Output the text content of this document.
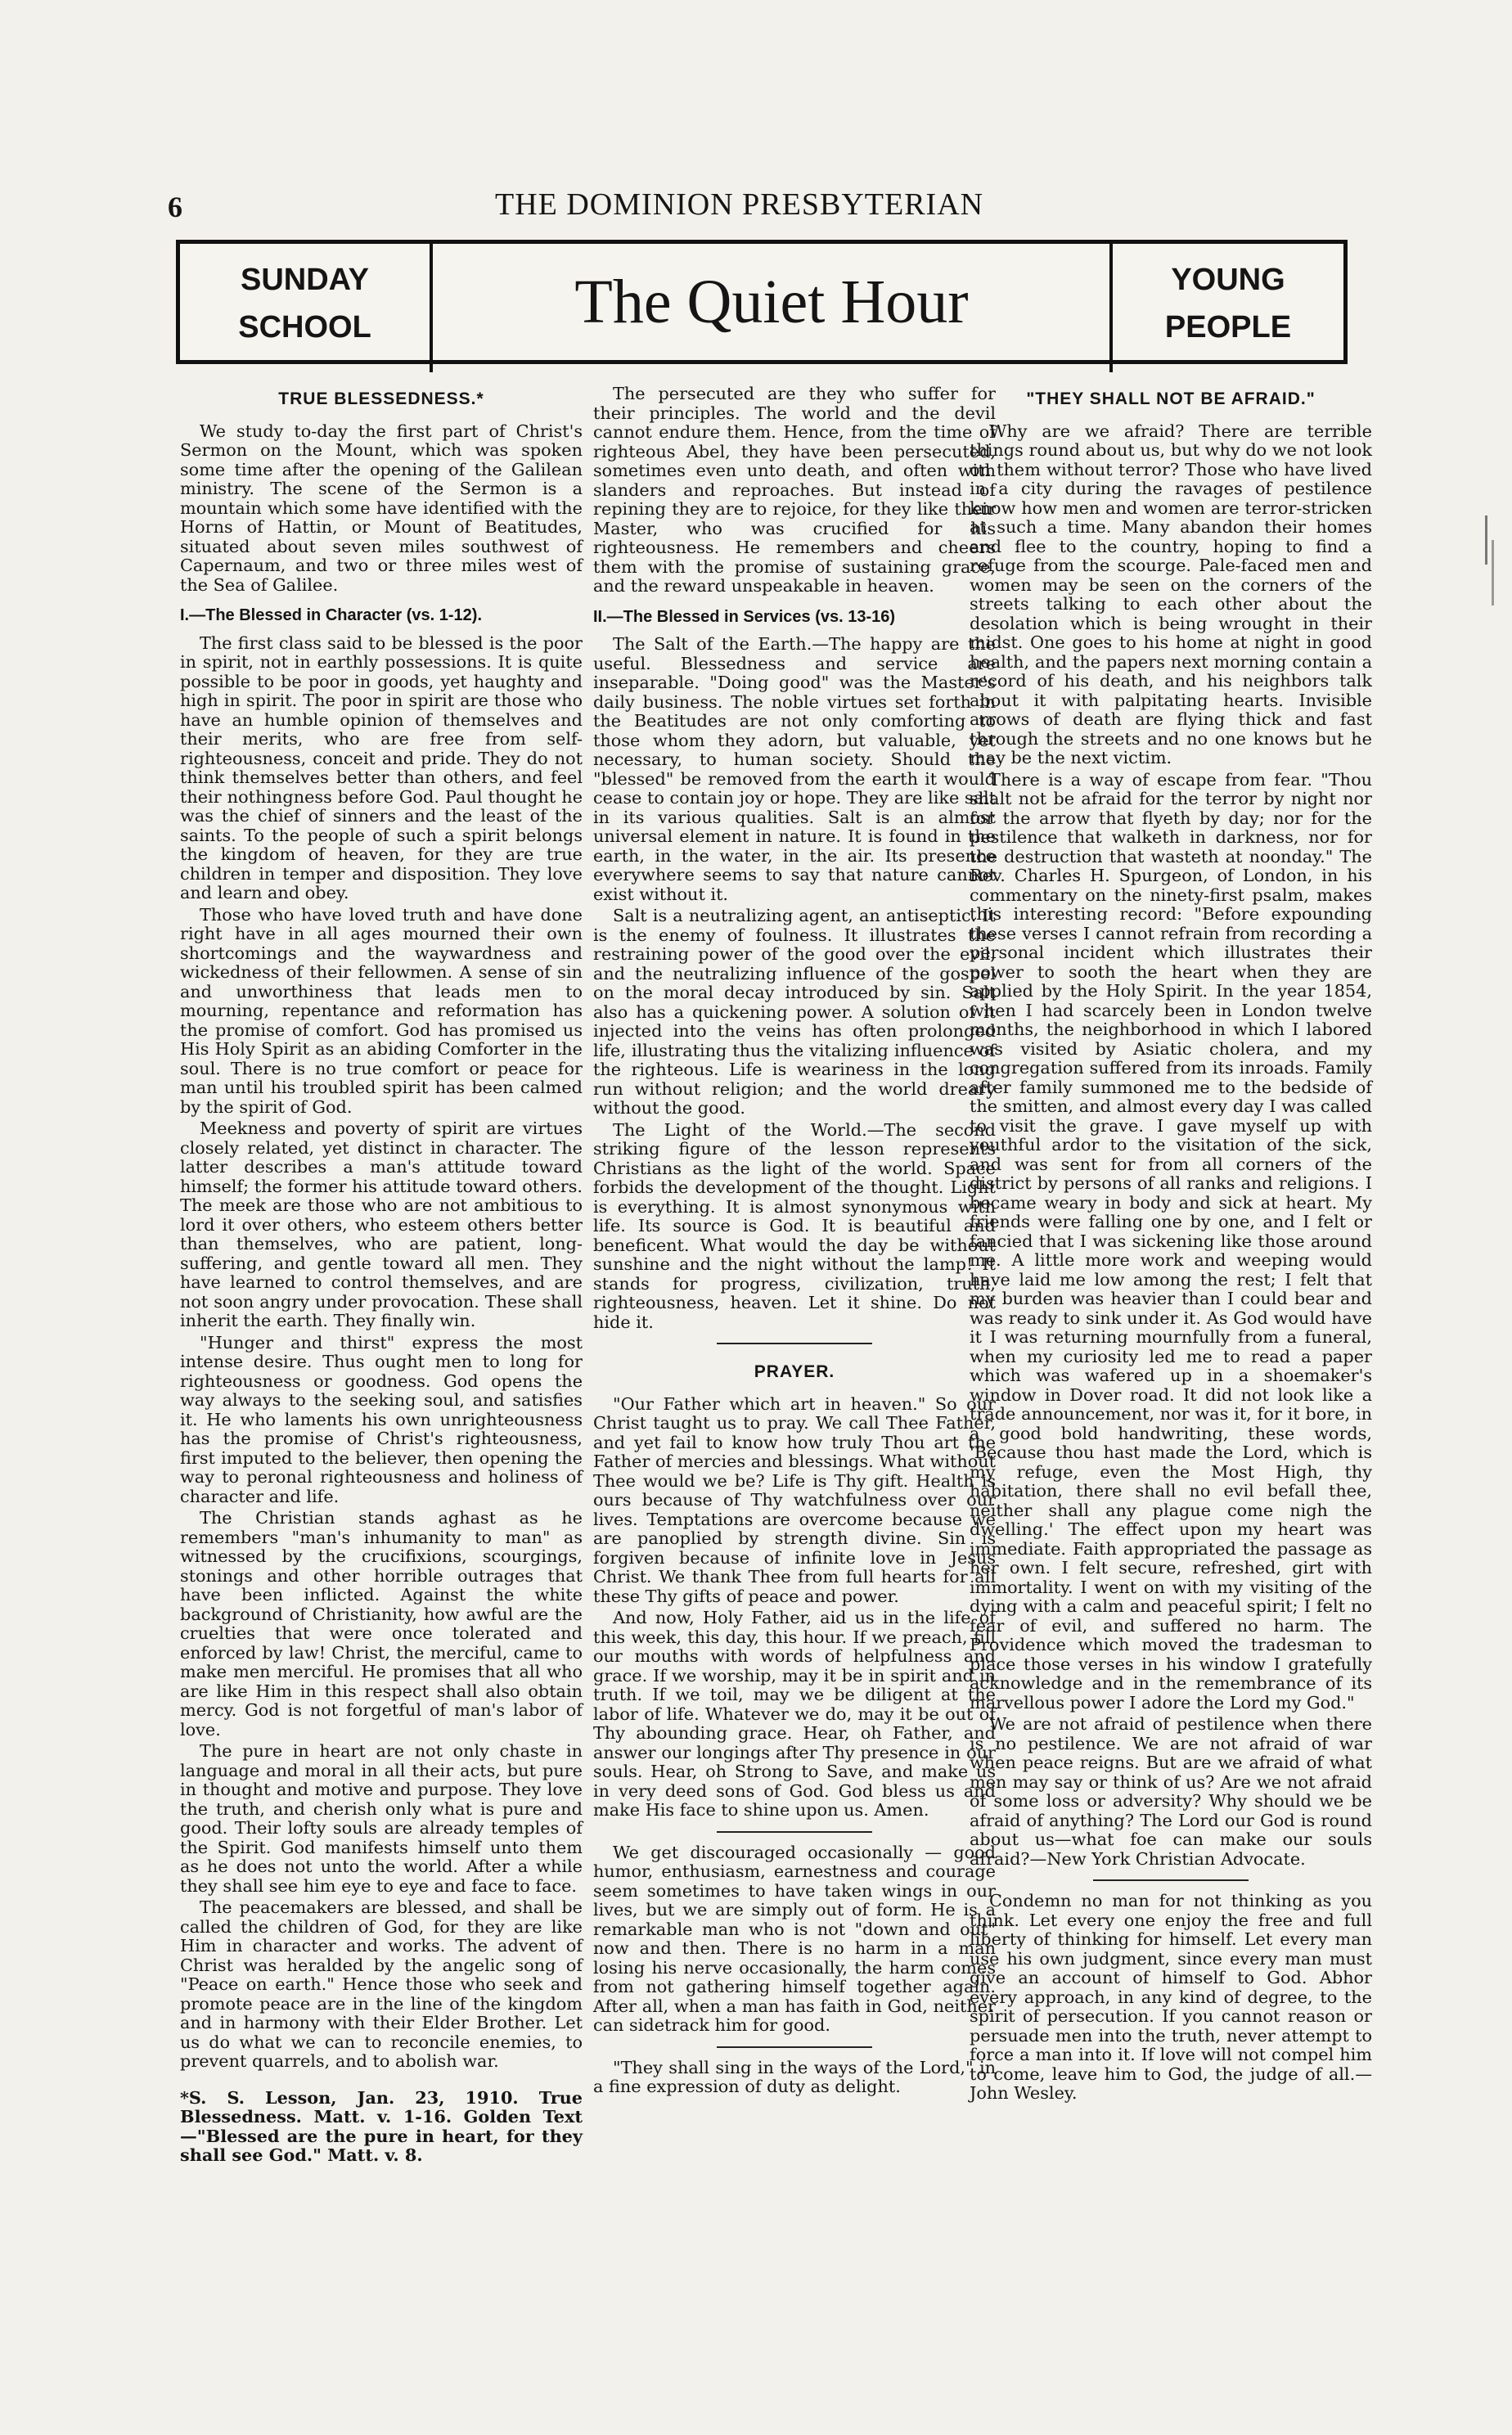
6	THE DOMINION PRESBYTERIAN
SUNDAY
SCHOOL	The Quiet Hour	YOUNG
PEOPLE
TRUE BLESSEDNESS.*

We study to-day the first part of Christ's Sermon on the Mount, which was spoken some time after the opening of the Galilean ministry. The scene of the Sermon is a mountain which some have identified with the Horns of Hattin, or Mount of Beatitudes, situated about seven miles southwest of Capernaum, and two or three miles west of the Sea of Galilee.

I.—The Blessed in Character (vs. 1-12).

The first class said to be blessed is the poor in spirit, not in earthly possessions. It is quite possible to be poor in goods, yet haughty and high in spirit. The poor in spirit are those who have an humble opinion of themselves and their merits, who are free from self-righteousness, conceit and pride. They do not think themselves better than others, and feel their nothingness before God. Paul thought he was the chief of sinners and the least of the saints. To the people of such a spirit belongs the kingdom of heaven, for they are true children in temper and disposition. They love and learn and obey.

Those who have loved truth and have done right have in all ages mourned their own shortcomings and the waywardness and wickedness of their fellowmen. A sense of sin and unworthiness that leads men to mourning, repentance and reformation has the promise of comfort. God has promised us His Holy Spirit as an abiding Comforter in the soul. There is no true comfort or peace for man until his troubled spirit has been calmed by the spirit of God.

Meekness and poverty of spirit are virtues closely related, yet distinct in character. The latter describes a man's attitude toward himself; the former his attitude toward others. The meek are those who are not ambitious to lord it over others, who esteem others better than themselves, who are patient, long-suffering, and gentle toward all men. They have learned to control themselves, and are not soon angry under provocation. These shall inherit the earth. They finally win.

"Hunger and thirst" express the most intense desire. Thus ought men to long for righteousness or goodness. God opens the way always to the seeking soul, and satisfies it. He who laments his own unrighteousness has the promise of Christ's righteousness, first imputed to the believer, then opening the way to peronal righteousness and holiness of character and life.

The Christian stands aghast as he remembers "man's inhumanity to man" as witnessed by the crucifixions, scourgings, stonings and other horrible outrages that have been inflicted. Against the white background of Christianity, how awful are the cruelties that were once tolerated and enforced by law! Christ, the merciful, came to make men merciful. He promises that all who are like Him in this respect shall also obtain mercy. God is not forgetful of man's labor of love.

The pure in heart are not only chaste in language and moral in all their acts, but pure in thought and motive and purpose. They love the truth, and cherish only what is pure and good. Their lofty souls are already temples of the Spirit. God manifests himself unto them as he does not unto the world. After a while they shall see him eye to eye and face to face.

The peacemakers are blessed, and shall be called the children of God, for they are like Him in character and works. The advent of Christ was heralded by the angelic song of "Peace on earth." Hence those who seek and promote peace are in the line of the kingdom and in harmony with their Elder Brother. Let us do what we can to reconcile enemies, to prevent quarrels, and to abolish war.

*S. S. Lesson, Jan. 23, 1910. True Blessedness. Matt. v. 1-16. Golden Text —"Blessed are the pure in heart, for they shall see God." Matt. v. 8.

The persecuted are they who suffer for their principles. The world and the devil cannot endure them. Hence, from the time of righteous Abel, they have been persecuted, sometimes even unto death, and often with slanders and reproaches. But instead of repining they are to rejoice, for they like their Master, who was crucified for his righteousness. He remembers and cheers them with the promise of sustaining grace, and the reward unspeakable in heaven.

II.—The Blessed in Services (vs. 13-16)

The Salt of the Earth.—The happy are the useful. Blessedness and service are inseparable. "Doing good" was the Master's daily business. The noble virtues set forth in the Beatitudes are not only comforting to those whom they adorn, but valuable, yet necessary, to human society. Should the "blessed" be removed from the earth it would cease to contain joy or hope. They are like salt in its various qualities. Salt is an almost universal element in nature. It is found in the earth, in the water, in the air. Its presence everywhere seems to say that nature cannot exist without it.

Salt is a neutralizing agent, an antiseptic. It is the enemy of foulness. It illustrates the restraining power of the good over the evil, and the neutralizing influence of the gospel on the moral decay introduced by sin. Salt also has a quickening power. A solution of it injected into the veins has often prolonged life, illustrating thus the vitalizing influence of the righteous. Life is weariness in the long run without religion; and the world dreary without the good.

The Light of the World.—The second striking figure of the lesson represents Christians as the light of the world. Space forbids the development of the thought. Light is everything. It is almost synonymous with life. Its source is God. It is beautiful and beneficent. What would the day be without sunshine and the night without the lamp! It stands for progress, civilization, truth, righteousness, heaven. Let it shine. Do not hide it.

PRAYER.

"Our Father which art in heaven." So our Christ taught us to pray. We call Thee Father, and yet fail to know how truly Thou art the Father of mercies and blessings. What without Thee would we be? Life is Thy gift. Health is ours because of Thy watchfulness over our lives. Temptations are overcome because we are panoplied by strength divine. Sin is forgiven because of infinite love in Jesus Christ. We thank Thee from full hearts for all these Thy gifts of peace and power.

And now, Holy Father, aid us in the life of this week, this day, this hour. If we preach, fill our mouths with words of helpfulness and grace. If we worship, may it be in spirit and in truth. If we toil, may we be diligent at the labor of life. Whatever we do, may it be out of Thy abounding grace. Hear, oh Father, and answer our longings after Thy presence in our souls. Hear, oh Strong to Save, and make us in very deed sons of God. God bless us and make His face to shine upon us. Amen.

We get discouraged occasionally — good humor, enthusiasm, earnestness and courage seem sometimes to have taken wings in our lives, but we are simply out of form. He is a remarkable man who is not "down and out" now and then. There is no harm in a man losing his nerve occasionally, the harm comes from not gathering himself together again. After all, when a man has faith in God, neither can sidetrack him for good.

"They shall sing in the ways of the Lord," in a fine expression of duty as delight.

"THEY SHALL NOT BE AFRAID."

Why are we afraid? There are terrible things round about us, but why do we not look on them without terror? Those who have lived in a city during the ravages of pestilence know how men and women are terror-stricken at such a time. Many abandon their homes and flee to the country, hoping to find a refuge from the scourge. Pale-faced men and women may be seen on the corners of the streets talking to each other about the desolation which is being wrought in their midst. One goes to his home at night in good health, and the papers next morning contain a record of his death, and his neighbors talk about it with palpitating hearts. Invisible arrows of death are flying thick and fast through the streets and no one knows but he may be the next victim.

There is a way of escape from fear. "Thou shalt not be afraid for the terror by night nor for the arrow that flyeth by day; nor for the pestilence that walketh in darkness, nor for the destruction that wasteth at noonday." The Rev. Charles H. Spurgeon, of London, in his commentary on the ninety-first psalm, makes this interesting record: "Before expounding these verses I cannot refrain from recording a personal incident which illustrates their power to sooth the heart when they are applied by the Holy Spirit. In the year 1854, when I had scarcely been in London twelve months, the neighborhood in which I labored was visited by Asiatic cholera, and my congregation suffered from its inroads. Family after family summoned me to the bedside of the smitten, and almost every day I was called to visit the grave. I gave myself up with youthful ardor to the visitation of the sick, and was sent for from all corners of the district by persons of all ranks and religions. I became weary in body and sick at heart. My friends were falling one by one, and I felt or fancied that I was sickening like those around me. A little more work and weeping would have laid me low among the rest; I felt that my burden was heavier than I could bear and was ready to sink under it. As God would have it I was returning mournfully from a funeral, when my curiosity led me to read a paper which was wafered up in a shoemaker's window in Dover road. It did not look like a trade announcement, nor was it, for it bore, in a good bold handwriting, these words, 'Because thou hast made the Lord, which is my refuge, even the Most High, thy habitation, there shall no evil befall thee, neither shall any plague come nigh the dwelling.' The effect upon my heart was immediate. Faith appropriated the passage as her own. I felt secure, refreshed, girt with immortality. I went on with my visiting of the dying with a calm and peaceful spirit; I felt no fear of evil, and suffered no harm. The Providence which moved the tradesman to place those verses in his window I gratefully acknowledge and in the remembrance of its marvellous power I adore the Lord my God."

We are not afraid of pestilence when there is no pestilence. We are not afraid of war when peace reigns. But are we afraid of what men may say or think of us? Are we not afraid of some loss or adversity? Why should we be afraid of anything? The Lord our God is round about us—what foe can make our souls afraid?—New York Christian Advocate.

Condemn no man for not thinking as you think. Let every one enjoy the free and full liberty of thinking for himself. Let every man use his own judgment, since every man must give an account of himself to God. Abhor every approach, in any kind of degree, to the spirit of persecution. If you cannot reason or persuade men into the truth, never attempt to force a man into it. If love will not compel him to come, leave him to God, the judge of all.—John Wesley.
